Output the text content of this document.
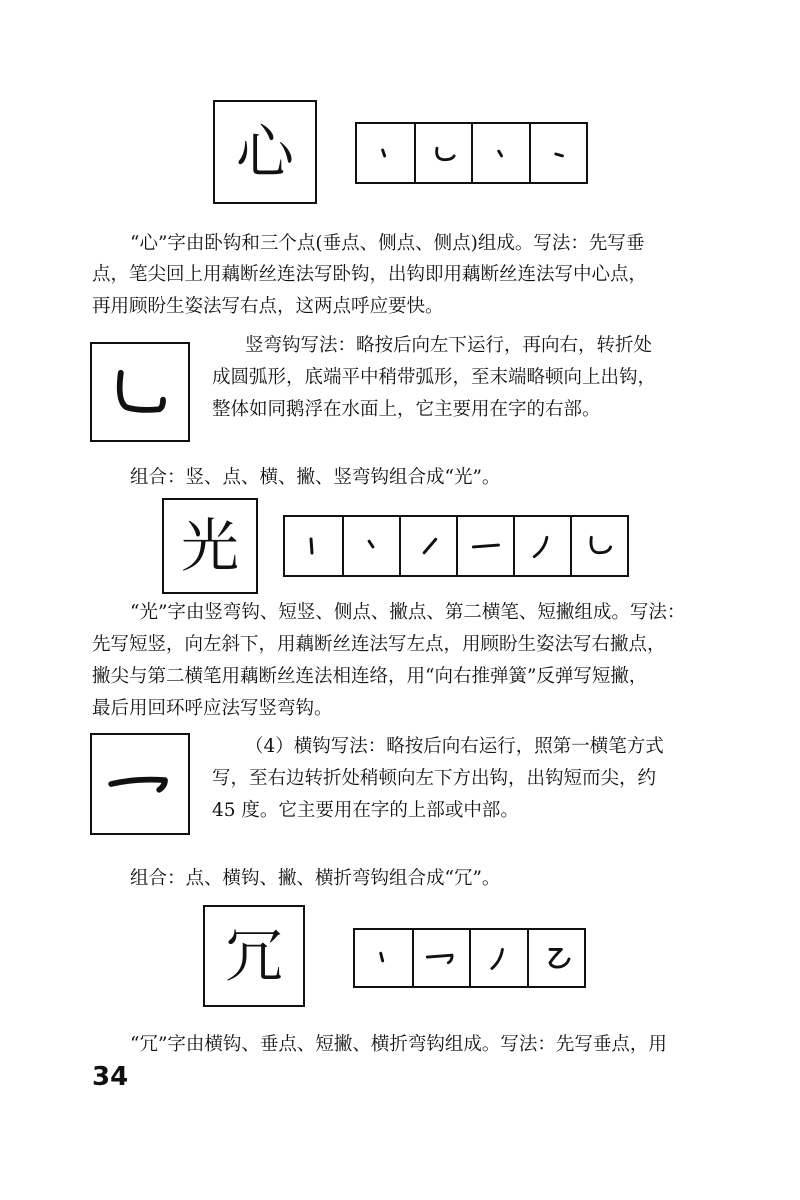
心

“心”字由卧钩和三个点(垂点、侧点、侧点)组成。写法：先写垂

点，笔尖回上用藕断丝连法写卧钩，出钩即用藕断丝连法写中心点，

再用顾盼生姿法写右点，这两点呼应要快。

竖弯钩写法：略按后向左下运行，再向右，转折处

成圆弧形，底端平中稍带弧形，至末端略顿向上出钩，

整体如同鹅浮在水面上，它主要用在字的右部。

组合：竖、点、横、撇、竖弯钩组合成“光”。

光

“光”字由竖弯钩、短竖、侧点、撇点、第二横笔、短撇组成。写法：

先写短竖，向左斜下，用藕断丝连法写左点，用顾盼生姿法写右撇点，

撇尖与第二横笔用藕断丝连法相连络，用“向右推弹簧”反弹写短撇，

最后用回环呼应法写竖弯钩。

（4）横钩写法：略按后向右运行，照第一横笔方式

写，至右边转折处稍顿向左下方出钩，出钩短而尖，约

45 度。它主要用在字的上部或中部。

组合：点、横钩、撇、横折弯钩组合成“冗”。

冗

“冗”字由横钩、垂点、短撇、横折弯钩组成。写法：先写垂点，用

34
